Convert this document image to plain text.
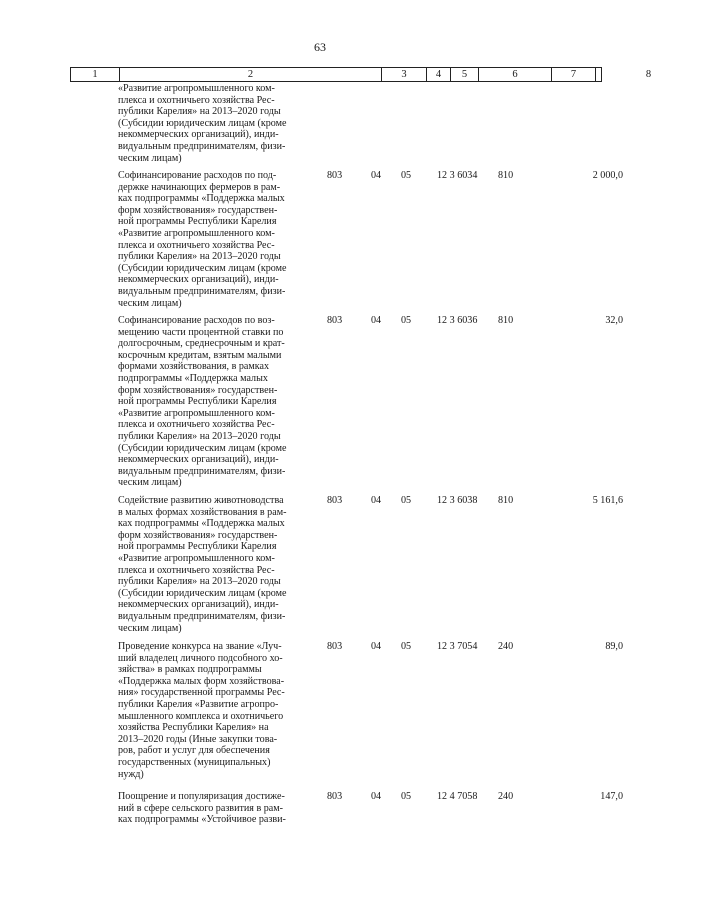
63
1	2	3	4	5	6	7	8
«Развитие агропромышленного ком-
плекса и охотничьего хозяйства Рес-
публики Карелия» на 2013–2020 годы
(Субсидии юридическим лицам (кроме
некоммерческих организаций), инди-
видуальным предпринимателям, физи-
ческим лицам)
Софинансирование расходов по под-
держке начинающих фермеров в рам-
ках подпрограммы «Поддержка малых
форм хозяйствования» государствен-
ной программы Республики Карелия
«Развитие агропромышленного ком-
плекса и охотничьего хозяйства Рес-
публики Карелия» на 2013–2020 годы
(Субсидии юридическим лицам (кроме
некоммерческих организаций), инди-
видуальным предпринимателям, физи-
ческим лицам)
803	04 05	12 3 6034 810	2 000,0
Софинансирование расходов по воз-
мещению части процентной ставки по
долгосрочным, среднесрочным и крат-
косрочным кредитам, взятым малыми
формами хозяйствования, в рамках
подпрограммы «Поддержка малых
форм хозяйствования» государствен-
ной программы Республики Карелия
«Развитие агропромышленного ком-
плекса и охотничьего хозяйства Рес-
публики Карелия» на 2013–2020 годы
(Субсидии юридическим лицам (кроме
некоммерческих организаций), инди-
видуальным предпринимателям, физи-
ческим лицам)
803	04 05	12 3 6036 810	32,0
Содействие развитию животноводства
в малых формах хозяйствования в рам-
ках подпрограммы «Поддержка малых
форм хозяйствования» государствен-
ной программы Республики Карелия
«Развитие агропромышленного ком-
плекса и охотничьего хозяйства Рес-
публики Карелия» на 2013–2020 годы
(Субсидии юридическим лицам (кроме
некоммерческих организаций), инди-
видуальным предпринимателям, физи-
ческим лицам)
803	04 05	12 3 6038 810	5 161,6
Проведение конкурса на звание «Луч-
ший владелец личного подсобного хо-
зяйства» в рамках подпрограммы
«Поддержка малых форм хозяйствова-
ния» государственной программы Рес-
публики Карелия «Развитие агропро-
мышленного комплекса и охотничьего
хозяйства Республики Карелия» на
2013–2020 годы (Иные закупки това-
ров, работ и услуг для обеспечения
государственных (муниципальных)
нужд)
803	04 05	12 3 7054 240	89,0
Поощрение и популяризация достиже-
ний в сфере сельского развития в рам-
ках подпрограммы «Устойчивое разви-
803	04 05	12 4 7058 240	147,0
